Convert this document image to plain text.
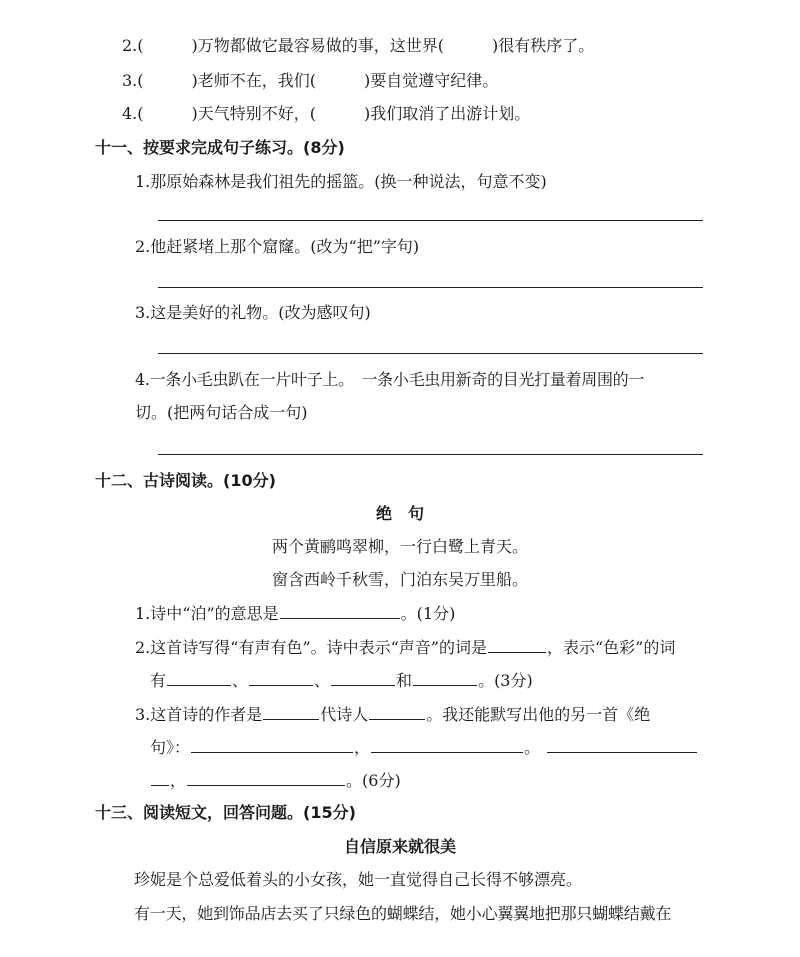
2.(　　　)万物都做它最容易做的事，这世界(　　　)很有秩序了。
3.(　　　)老师不在，我们(　　　)要自觉遵守纪律。
4.(　　　)天气特别不好，(　　　)我们取消了出游计划。
十一、按要求完成句子练习。(8分)
1.那原始森林是我们祖先的摇篮。(换一种说法，句意不变)
2.他赶紧堵上那个窟窿。(改为“把”字句)
3.这是美好的礼物。(改为感叹句)
4.一条小毛虫趴在一片叶子上。　一条小毛虫用新奇的目光打量着周围的一
切。(把两句话合成一句)
十二、古诗阅读。(10分)
绝　句
两个黄鹂鸣翠柳，一行白鹭上青天。
窗含西岭千秋雪，门泊东吴万里船。
1.诗中“泊”的意思是	。(1分)
2.这首诗写得“有声有色”。诗中表示“声音”的词是	，表示“色彩”的词
有	、	、	和	。(3分)
3.这首诗的作者是	代诗人	。我还能默写出他的另一首《绝
句》：	，	。
，	。(6分)
十三、阅读短文，回答问题。(15分)
自信原来就很美
珍妮是个总爱低着头的小女孩，她一直觉得自己长得不够漂亮。
有一天，她到饰品店去买了只绿色的蝴蝶结，她小心翼翼地把那只蝴蝶结戴在
